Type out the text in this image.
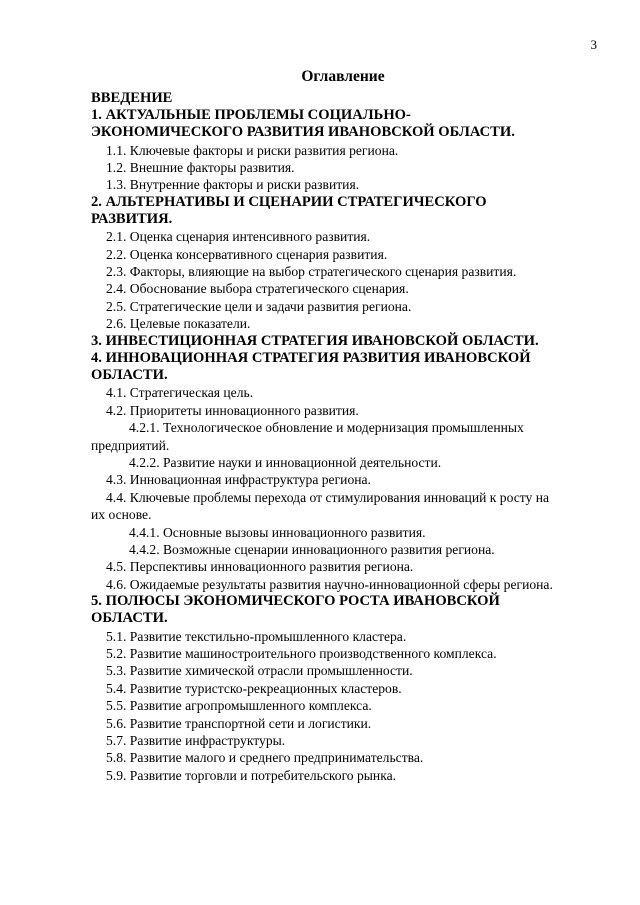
3
Оглавление
ВВЕДЕНИЕ
1. АКТУАЛЬНЫЕ ПРОБЛЕМЫ СОЦИАЛЬНО-ЭКОНОМИЧЕСКОГО РАЗВИТИЯ ИВАНОВСКОЙ ОБЛАСТИ.
1.1. Ключевые факторы и риски развития региона.
1.2. Внешние факторы развития.
1.3. Внутренние факторы и риски развития.
2. АЛЬТЕРНАТИВЫ И СЦЕНАРИИ СТРАТЕГИЧЕСКОГО РАЗВИТИЯ.
2.1. Оценка сценария интенсивного развития.
2.2. Оценка консервативного сценария развития.
2.3. Факторы, влияющие на выбор стратегического сценария развития.
2.4. Обоснование выбора стратегического сценария.
2.5. Стратегические цели и задачи развития региона.
2.6. Целевые показатели.
3. ИНВЕСТИЦИОННАЯ СТРАТЕГИЯ ИВАНОВСКОЙ ОБЛАСТИ.
4. ИННОВАЦИОННАЯ СТРАТЕГИЯ РАЗВИТИЯ ИВАНОВСКОЙ ОБЛАСТИ.
4.1. Стратегическая цель.
4.2. Приоритеты инновационного развития.
4.2.1. Технологическое обновление и модернизация промышленных предприятий.
4.2.2. Развитие науки и инновационной деятельности.
4.3. Инновационная инфраструктура региона.
4.4. Ключевые проблемы перехода от стимулирования инноваций к росту на их основе.
4.4.1. Основные вызовы инновационного развития.
4.4.2. Возможные сценарии инновационного развития региона.
4.5. Перспективы инновационного развития региона.
4.6. Ожидаемые результаты развития научно-инновационной сферы региона.
5. ПОЛЮСЫ ЭКОНОМИЧЕСКОГО РОСТА ИВАНОВСКОЙ ОБЛАСТИ.
5.1. Развитие текстильно-промышленного кластера.
5.2. Развитие машиностроительного производственного комплекса.
5.3. Развитие химической отрасли промышленности.
5.4. Развитие туристско-рекреационных кластеров.
5.5. Развитие агропромышленного комплекса.
5.6. Развитие транспортной сети и логистики.
5.7. Развитие инфраструктуры.
5.8. Развитие малого и среднего предпринимательства.
5.9. Развитие торговли и потребительского рынка.
